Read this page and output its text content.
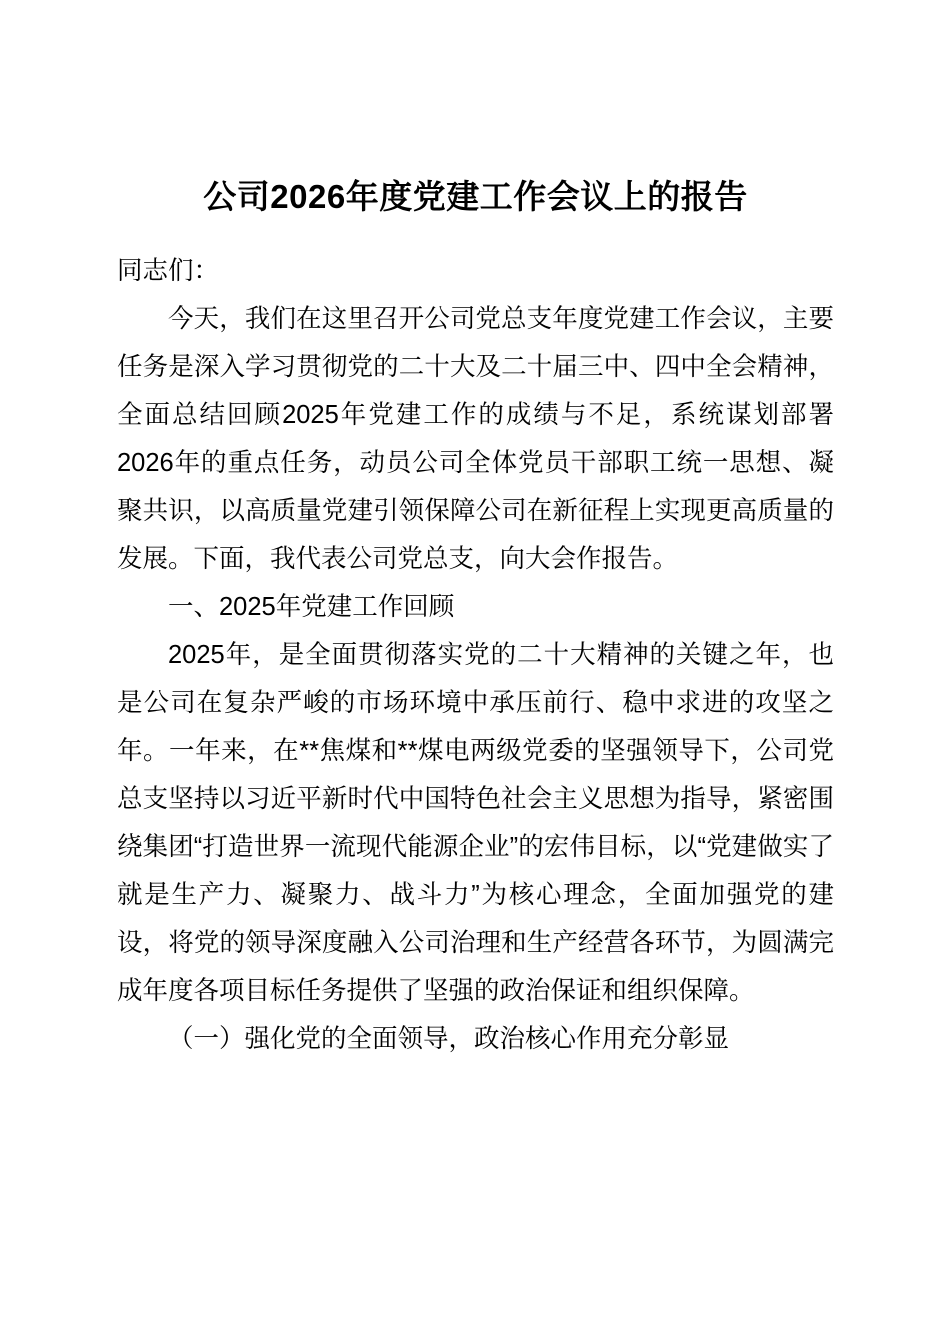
公司2026年度党建工作会议上的报告

同志们：

今天，我们在这里召开公司党总支年度党建工作会议，主要任务是深入学习贯彻党的二十大及二十届三中、四中全会精神，全面总结回顾2025年党建工作的成绩与不足，系统谋划部署2026年的重点任务，动员公司全体党员干部职工统一思想、凝聚共识，以高质量党建引领保障公司在新征程上实现更高质量的发展。下面，我代表公司党总支，向大会作报告。

一、2025年党建工作回顾

2025年，是全面贯彻落实党的二十大精神的关键之年，也是公司在复杂严峻的市场环境中承压前行、稳中求进的攻坚之年。一年来，在**焦煤和**煤电两级党委的坚强领导下，公司党总支坚持以习近平新时代中国特色社会主义思想为指导，紧密围绕集团“打造世界一流现代能源企业”的宏伟目标，以“党建做实了就是生产力、凝聚力、战斗力”为核心理念，全面加强党的建设，将党的领导深度融入公司治理和生产经营各环节，为圆满完成年度各项目标任务提供了坚强的政治保证和组织保障。

（一）强化党的全面领导，政治核心作用充分彰显
